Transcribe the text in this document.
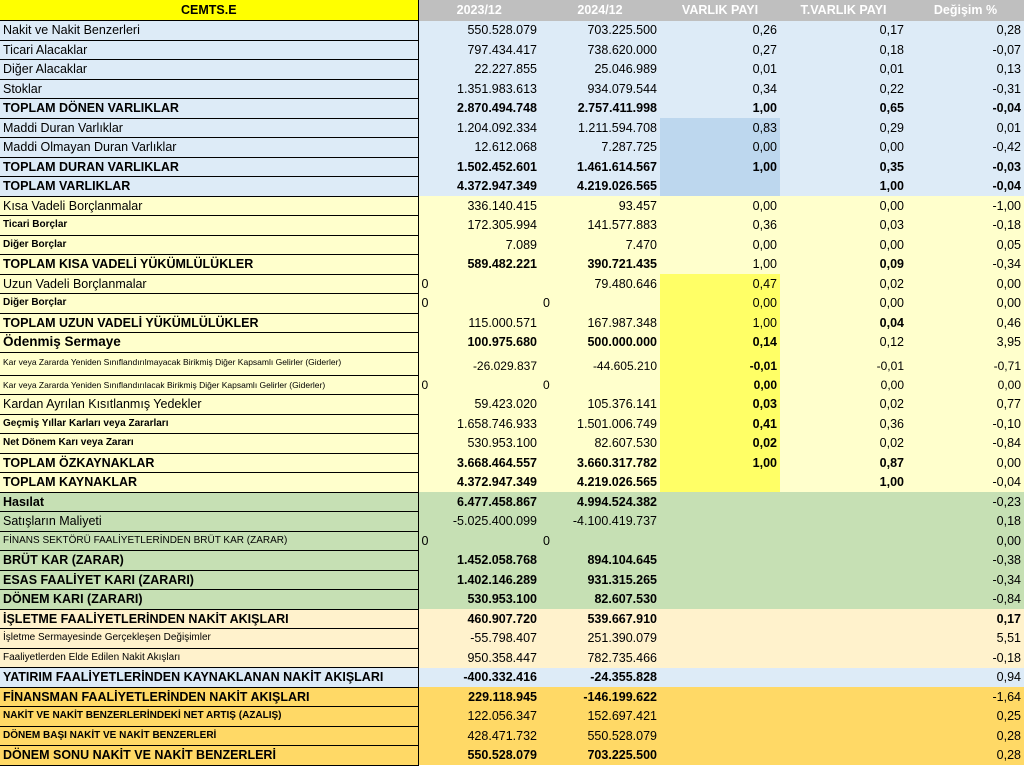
CEMTS.E	2023/12	2024/12	VARLIK PAYI	T.VARLIK PAYI	Değişim %
Nakit ve Nakit Benzerleri	550.528.079	703.225.500	0,26	0,17	0,28
Ticari Alacaklar	797.434.417	738.620.000	0,27	0,18	-0,07
Diğer Alacaklar	22.227.855	25.046.989	0,01	0,01	0,13
Stoklar	1.351.983.613	934.079.544	0,34	0,22	-0,31
TOPLAM DÖNEN VARLIKLAR	2.870.494.748	2.757.411.998	1,00	0,65	-0,04
Maddi Duran Varlıklar	1.204.092.334	1.211.594.708	0,83	0,29	0,01
Maddi Olmayan Duran Varlıklar	12.612.068	7.287.725	0,00	0,00	-0,42
TOPLAM DURAN VARLIKLAR	1.502.452.601	1.461.614.567	1,00	0,35	-0,03
TOPLAM VARLIKLAR	4.372.947.349	4.219.026.565		1,00	-0,04
Kısa Vadeli Borçlanmalar	336.140.415	93.457	0,00	0,00	-1,00
Ticari Borçlar	172.305.994	141.577.883	0,36	0,03	-0,18
Diğer Borçlar	7.089	7.470	0,00	0,00	0,05
TOPLAM KISA VADELİ YÜKÜMLÜLÜKLER	589.482.221	390.721.435	1,00	0,09	-0,34
Uzun Vadeli Borçlanmalar	0	79.480.646	0,47	0,02	0,00
Diğer Borçlar	0	0	0,00	0,00	0,00
TOPLAM UZUN VADELİ YÜKÜMLÜLÜKLER	115.000.571	167.987.348	1,00	0,04	0,46
Ödenmiş Sermaye	100.975.680	500.000.000	0,14	0,12	3,95
Kar veya Zararda Yeniden Sınıflandırılmayacak Birikmiş Diğer Kapsamlı Gelirler (Giderler)	-26.029.837	-44.605.210	-0,01	-0,01	-0,71
Kar veya Zararda Yeniden Sınıflandırılacak Birikmiş Diğer Kapsamlı Gelirler (Giderler)	0	0	0,00	0,00	0,00
Kardan Ayrılan Kısıtlanmış Yedekler	59.423.020	105.376.141	0,03	0,02	0,77
Geçmiş Yıllar Karları veya Zararları	1.658.746.933	1.501.006.749	0,41	0,36	-0,10
Net Dönem Karı veya Zararı	530.953.100	82.607.530	0,02	0,02	-0,84
TOPLAM ÖZKAYNAKLAR	3.668.464.557	3.660.317.782	1,00	0,87	0,00
TOPLAM KAYNAKLAR	4.372.947.349	4.219.026.565		1,00	-0,04
Hasılat	6.477.458.867	4.994.524.382			-0,23
Satışların Maliyeti	-5.025.400.099	-4.100.419.737			0,18
FİNANS SEKTÖRÜ FAALİYETLERİNDEN BRÜT KAR (ZARAR)	0	0			0,00
BRÜT KAR (ZARAR)	1.452.058.768	894.104.645			-0,38
ESAS FAALİYET KARI (ZARARI)	1.402.146.289	931.315.265			-0,34
DÖNEM KARI (ZARARI)	530.953.100	82.607.530			-0,84
İŞLETME FAALİYETLERİNDEN NAKİT AKIŞLARI	460.907.720	539.667.910			0,17
İşletme Sermayesinde Gerçekleşen Değişimler	-55.798.407	251.390.079			5,51
Faaliyetlerden Elde Edilen Nakit Akışları	950.358.447	782.735.466			-0,18
YATIRIM FAALİYETLERİNDEN KAYNAKLANAN NAKİT AKIŞLARI	-400.332.416	-24.355.828			0,94
FİNANSMAN FAALİYETLERİNDEN NAKİT AKIŞLARI	229.118.945	-146.199.622			-1,64
NAKİT VE NAKİT BENZERLERİNDEKİ NET ARTIŞ (AZALIŞ)	122.056.347	152.697.421			0,25
DÖNEM BAŞI NAKİT VE NAKİT BENZERLERİ	428.471.732	550.528.079			0,28
DÖNEM SONU NAKİT VE NAKİT BENZERLERİ	550.528.079	703.225.500			0,28
